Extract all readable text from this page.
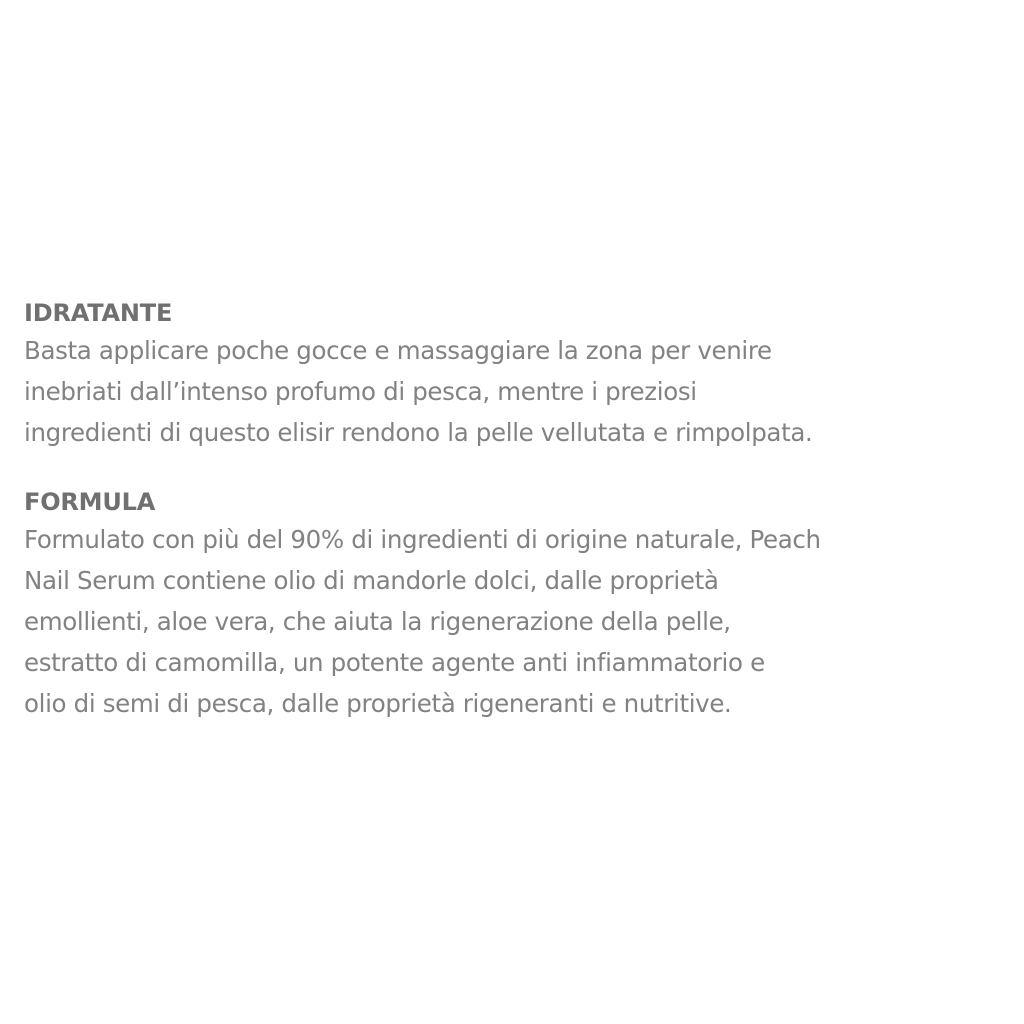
IDRATANTE
Basta applicare poche gocce e massaggiare la zona per venire
inebriati dall’intenso profumo di pesca, mentre i preziosi
ingredienti di questo elisir rendono la pelle vellutata e rimpolpata.
FORMULA
Formulato con più del 90% di ingredienti di origine naturale, Peach
Nail Serum contiene olio di mandorle dolci, dalle proprietà
emollienti, aloe vera, che aiuta la rigenerazione della pelle,
estratto di camomilla, un potente agente anti infiammatorio e
olio di semi di pesca, dalle proprietà rigeneranti e nutritive.
